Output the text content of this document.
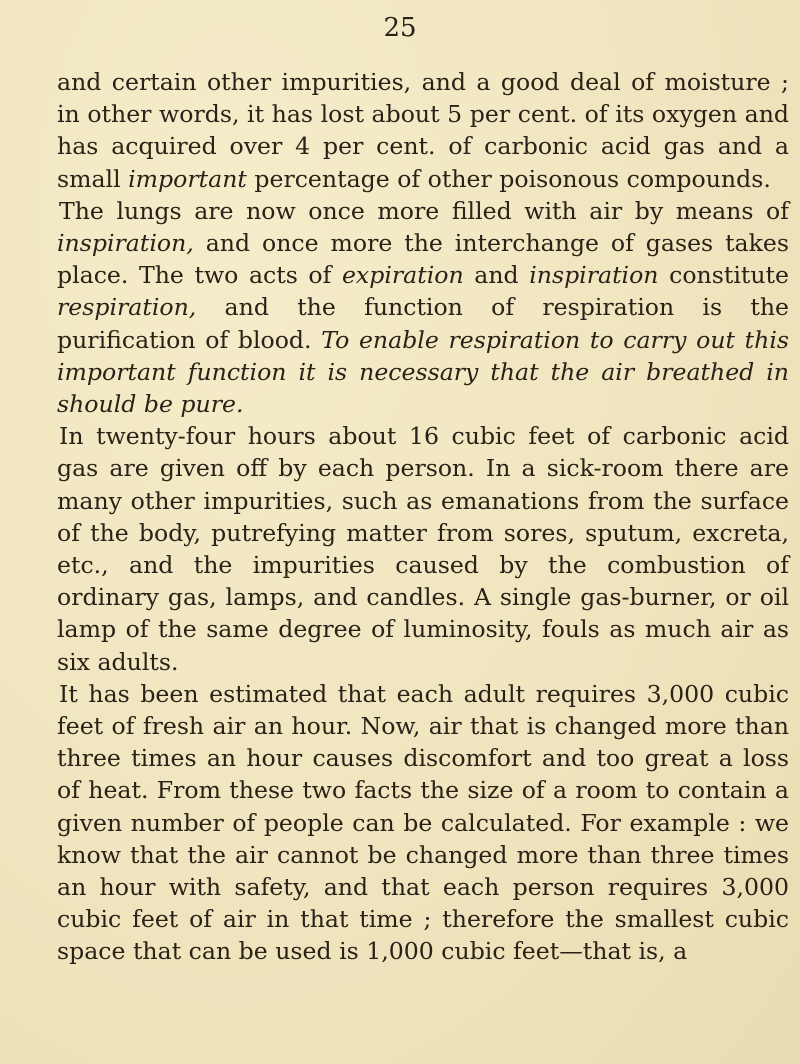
25

and certain other impurities, and a good deal of moisture ; in other words, it has lost about 5 per cent. of its oxygen and has acquired over 4 per cent. of carbonic acid gas and a small important percentage of other poisonous compounds.

The lungs are now once more filled with air by means of inspiration, and once more the interchange of gases takes place. The two acts of expiration and inspiration constitute respiration, and the function of respiration is the purification of blood. To enable respiration to carry out this important function it is necessary that the air breathed in should be pure.

In twenty-four hours about 16 cubic feet of carbonic acid gas are given off by each person. In a sick-room there are many other impurities, such as emanations from the surface of the body, putrefying matter from sores, sputum, excreta, etc., and the impurities caused by the combustion of ordinary gas, lamps, and candles. A single gas-burner, or oil lamp of the same degree of luminosity, fouls as much air as six adults.

It has been estimated that each adult requires 3,000 cubic feet of fresh air an hour. Now, air that is changed more than three times an hour causes discomfort and too great a loss of heat. From these two facts the size of a room to contain a given number of people can be calculated. For example : we know that the air cannot be changed more than three times an hour with safety, and that each person requires 3,000 cubic feet of air in that time ; therefore the smallest cubic space that can be used is 1,000 cubic feet—that is, a
